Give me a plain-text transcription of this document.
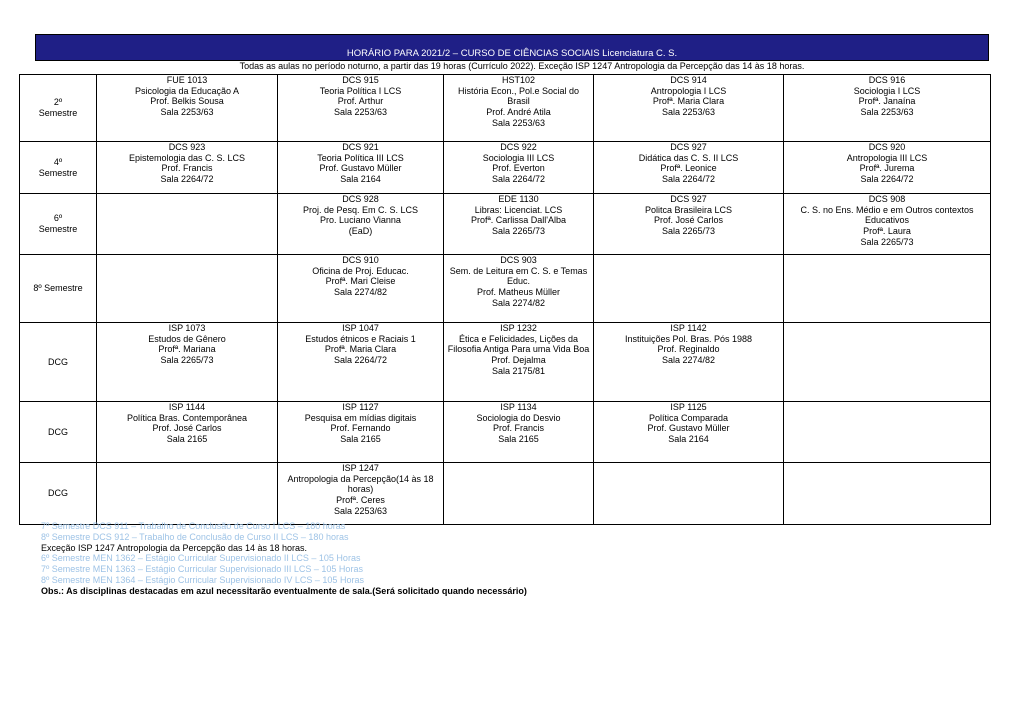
HORÁRIO PARA 2021/2 – CURSO DE CIÊNCIAS SOCIAIS Licenciatura C. S.
Todas as aulas no período noturno, a partir das 19 horas (Currículo 2022). Exceção ISP 1247 Antropologia da Percepção das 14 às 18 horas.
2º
Semestre	FUE 1013
Psicologia da Educação A
Prof. Belkis Sousa
Sala 2253/63	DCS 915
Teoria Política I LCS
Prof. Arthur
Sala 2253/63	HST102
História Econ., Pol.e Social do Brasil
Prof. André Atila
Sala 2253/63	DCS 914
Antropologia I LCS
Profª. Maria Clara
Sala 2253/63	DCS 916
Sociologia I LCS
Profª. Janaína
Sala 2253/63

4º
Semestre	DCS 923
Epistemologia das C. S. LCS
Prof. Francis
Sala 2264/72	DCS 921
Teoria Política III LCS
Prof. Gustavo Müller
Sala 2164	DCS 922
Sociologia III LCS
Prof. Everton
Sala 2264/72	DCS 927
Didática das C. S. II LCS
Profª. Leonice
Sala 2264/72	DCS 920
Antropologia III LCS
Profª. Jurema
Sala 2264/72

6º
Semestre		DCS 928
Proj. de Pesq. Em C. S. LCS
Pro. Luciano Vianna
(EaD)	EDE 1130
Libras: Licenciat. LCS
Profª. Carlissa Dall'Alba
Sala 2265/73	DCS 927
Politca Brasileira LCS
Prof. José Carlos
Sala 2265/73	DCS 908
C. S. no Ens. Médio e em Outros contextos Educativos
Profª. Laura
Sala 2265/73

8º Semestre		DCS 910
Oficina de Proj. Educac.
Profª. Mari Cleise
Sala 2274/82	DCS 903
Sem. de Leitura em C. S. e Temas Educ.
Prof. Matheus Müller
Sala 2274/82		

DCG	ISP 1073
Estudos de Gênero
Profª. Mariana
Sala 2265/73	ISP 1047
Estudos étnicos e Raciais 1
Profª. Maria Clara
Sala 2264/72	ISP 1232
Ética e Felicidades, Lições da Filosofia Antiga Para uma Vida Boa
Prof. Dejalma
Sala 2175/81	ISP 1142
Instituições Pol. Bras. Pós 1988
Prof. Reginaldo
Sala 2274/82	

DCG	ISP 1144
Política Bras. Contemporânea
Prof. José Carlos
Sala 2165	ISP 1127
Pesquisa em mídias digitais
Prof. Fernando
Sala 2165	ISP 1134
Sociologia do Desvio
Prof. Francis
Sala 2165	ISP 1125
Política Comparada
Prof. Gustavo Müller
Sala 2164	

DCG		ISP 1247
Antropologia da Percepção(14 às 18 horas)
Profª. Ceres
Sala 2253/63			

7º Semestre DCS 911 – Trabalho de Conclusão de Curso I LCS – 180 horas
8º Semestre DCS 912 – Trabalho de Conclusão de Curso II LCS – 180 horas
Exceção ISP 1247 Antropologia da Percepção das 14 às 18 horas.
6º Semestre MEN 1362 – Estágio Curricular Supervisionado II LCS – 105 Horas
7º Semestre MEN 1363 – Estágio Curricular Supervisionado III LCS – 105 Horas
8º Semestre MEN 1364 – Estágio Curricular Supervisionado IV LCS – 105 Horas
Obs.: As disciplinas destacadas em azul necessitarão eventualmente de sala.(Será solicitado quando necessário)
